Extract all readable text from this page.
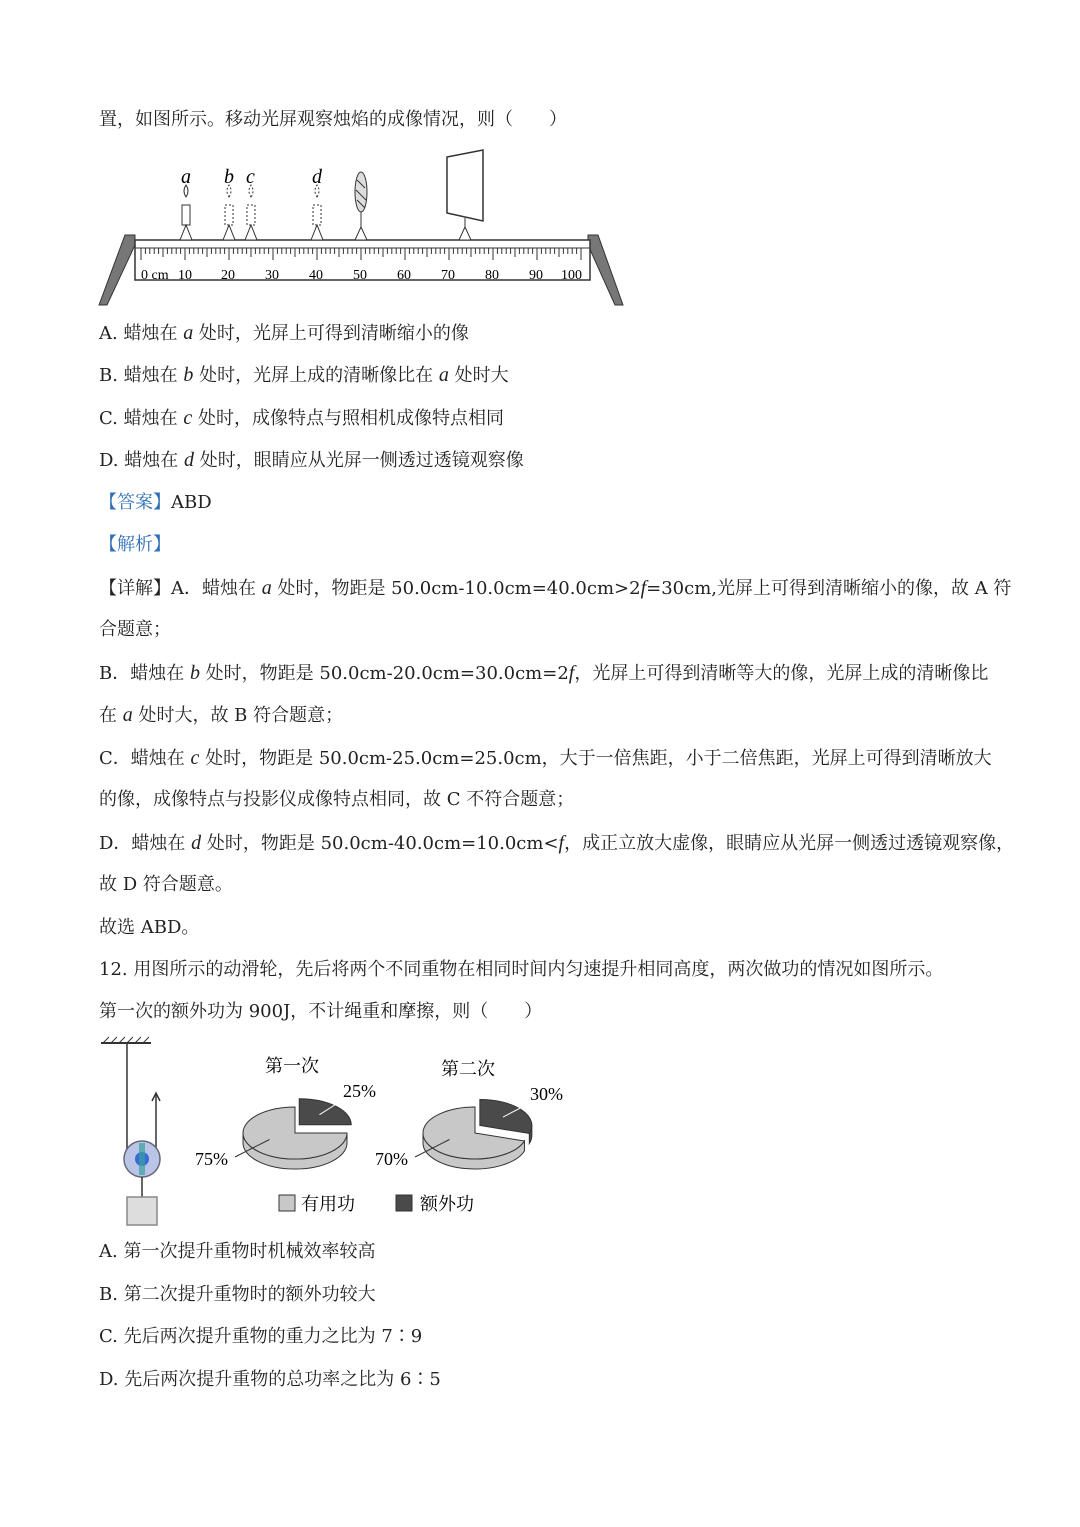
置，如图所示。移动光屏观察烛焰的成像情况，则（　　）
0 cm 10 20 30 40 50 60 70 80 90 100
a b c	d
A. 蜡烛在 a 处时，光屏上可得到清晰缩小的像
B. 蜡烛在 b 处时，光屏上成的清晰像比在 a 处时大
C. 蜡烛在 c 处时，成像特点与照相机成像特点相同
D. 蜡烛在 d 处时，眼睛应从光屏一侧透过透镜观察像
【答案】ABD
【解析】
【详解】A．蜡烛在 a 处时，物距是 50.0cm-10.0cm=40.0cm>2f=30cm,光屏上可得到清晰缩小的像，故 A 符
合题意；
B．蜡烛在 b 处时，物距是 50.0cm-20.0cm=30.0cm=2f，光屏上可得到清晰等大的像，光屏上成的清晰像比
在 a 处时大，故 B 符合题意；
C．蜡烛在 c 处时，物距是 50.0cm-25.0cm=25.0cm，大于一倍焦距，小于二倍焦距，光屏上可得到清晰放大
的像，成像特点与投影仪成像特点相同，故 C 不符合题意；
D．蜡烛在 d 处时，物距是 50.0cm-40.0cm=10.0cm<f，成正立放大虚像，眼睛应从光屏一侧透过透镜观察像，
故 D 符合题意。
故选 ABD。
12. 用图所示的动滑轮，先后将两个不同重物在相同时间内匀速提升相同高度，两次做功的情况如图所示。
第一次的额外功为 900J，不计绳重和摩擦，则（　　）
第一次	第二次
75%
25%
70%
30%
有用功	额外功
A. 第一次提升重物时机械效率较高
B. 第二次提升重物时的额外功较大
C. 先后两次提升重物的重力之比为 7∶9
D. 先后两次提升重物的总功率之比为 6∶5
